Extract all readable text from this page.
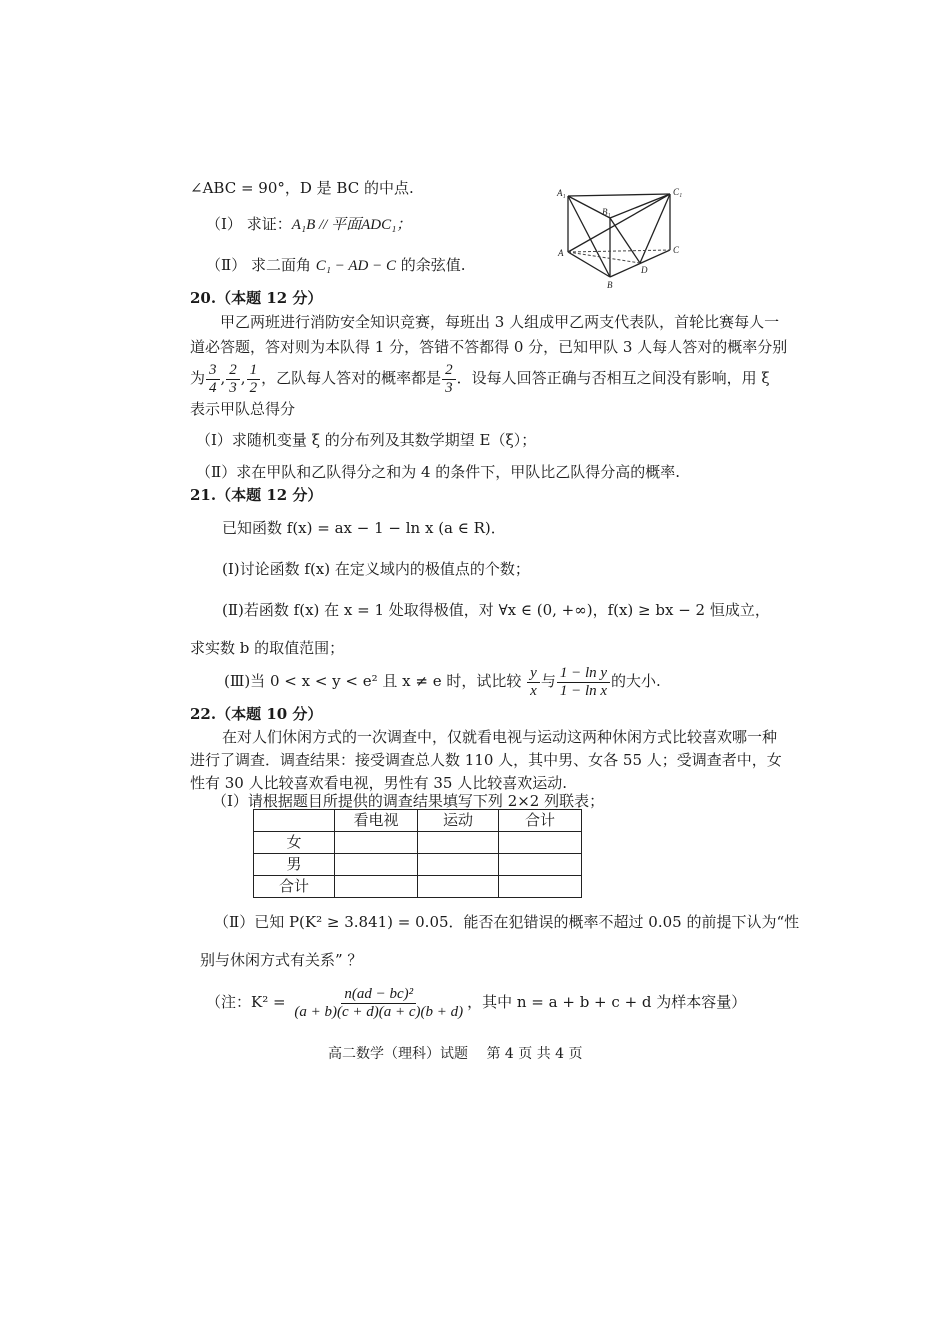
∠ABC = 90°，D 是 BC 的中点.
（Ⅰ） 求证：A₁B // 平面ADC₁；
（Ⅱ） 求二面角 C₁ − AD − C 的余弦值.
A₁
B₁
C₁
A
B
C
D
20.（本题 12 分）
甲乙两班进行消防安全知识竞赛，每班出 3 人组成甲乙两支代表队，首轮比赛每人一
道必答题，答对则为本队得 1 分，答错不答都得 0 分，已知甲队 3 人每人答对的概率分别
为 $\frac{3}{4}$ , $\frac{2}{3}$ , $\frac{1}{2}$ ，乙队每人答对的概率都是 $\frac{2}{3}$ ．设每人回答正确与否相互之间没有影响，用 ξ
表示甲队总得分
（Ⅰ）求随机变量 ξ 的分布列及其数学期望 E（ξ）；
（Ⅱ）求在甲队和乙队得分之和为 4 的条件下，甲队比乙队得分高的概率.
21.（本题 12 分）
已知函数 f(x) = ax − 1 − ln x (a ∈ R)．
(Ⅰ)讨论函数 f(x) 在定义域内的极值点的个数；
(Ⅱ)若函数 f(x) 在 x = 1 处取得极值，对 ∀x ∈ (0, +∞)，f(x) ≥ bx − 2 恒成立，
求实数 b 的取值范围；
(Ⅲ)当 0 < x < y < e² 且 x ≠ e 时，试比较 $\frac{y}{x}$ 与 $\frac{\text{1 − ln y}}{\text{1 − ln x}}$ 的大小.
22.（本题 10 分）
在对人们休闲方式的一次调查中，仅就看电视与运动这两种休闲方式比较喜欢哪一种
进行了调查．调查结果：接受调查总人数 110 人，其中男、女各 55 人；受调查者中，女
性有 30 人比较喜欢看电视，男性有 35 人比较喜欢运动.
（Ⅰ）请根据题目所提供的调查结果填写下列 2×2 列联表；
	看电视	运动	合计
女			
男			
合计			
（Ⅱ）已知 P(K² ≥ 3.841) = 0.05．能否在犯错误的概率不超过 0.05 的前提下认为“性
别与休闲方式有关系” ？
（注：$K^2 = \frac{\text{n(ad − bc)²}}{(a + b)(c + d)(a + c)(b + d)}$ ，其中 n = a + b + c + d 为样本容量）
高二数学（理科）试题　 第 4 页 共 4 页
